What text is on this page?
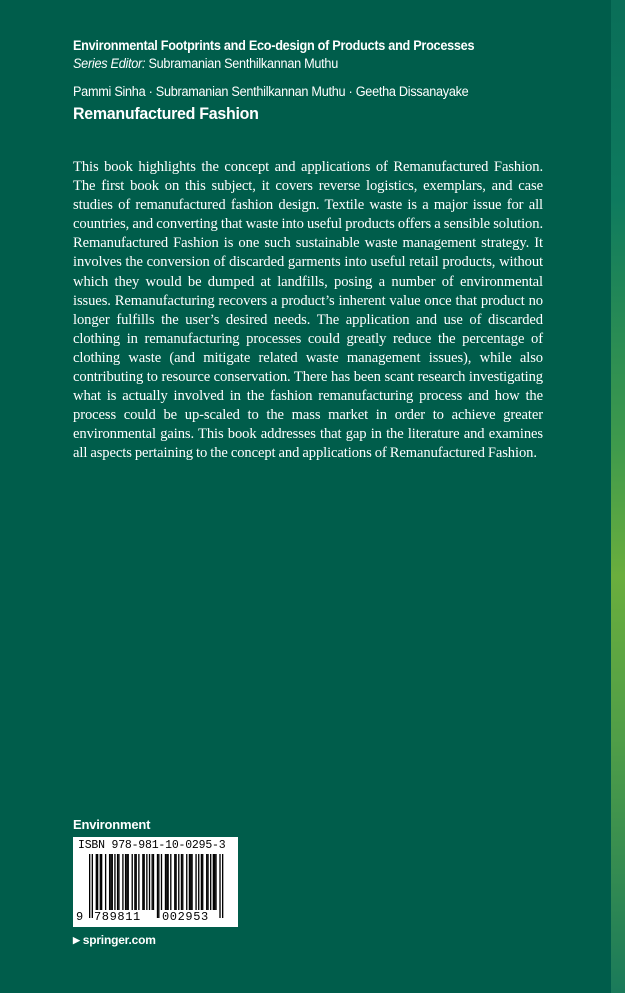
Environmental Footprints and Eco-design of Products and Processes
Series Editor: Subramanian Senthilkannan Muthu
Pammi Sinha · Subramanian Senthilkannan Muthu · Geetha Dissanayake
Remanufactured Fashion
This book highlights the concept and applications of Remanufactured Fashion. The first book on this subject, it covers reverse logistics, exemplars, and case studies of remanufactured fashion design. Textile waste is a major issue for all countries, and converting that waste into useful products offers a sensible solution. Remanufactured Fashion is one such sustainable waste management strategy. It involves the conversion of discarded garments into useful retail products, without which they would be dumped at landfills, posing a number of environmental issues. Remanufacturing recovers a product’s inherent value once that product no longer fulfills the user’s desired needs. The application and use of discarded clothing in remanufacturing processes could greatly reduce the percentage of clothing waste (and mitigate related waste management issues), while also contributing to resource conservation. There has been scant research investigating what is actually involved in the fashion remanufacturing process and how the process could be up-scaled to the mass market in order to achieve greater environmental gains. This book addresses that gap in the literature and examines all aspects pertaining to the concept and applications of Remanufactured Fashion.
Environment
ISBN 978-981-10-0295-3
9 789811 002953
▶ springer.com
